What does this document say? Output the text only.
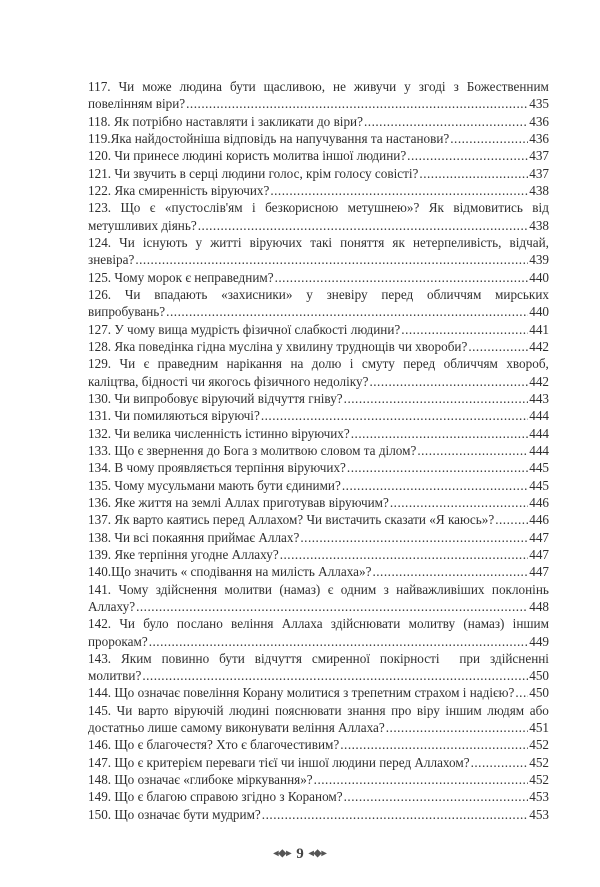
117. Чи може людина бути щасливою, не живучи у згоді з Божественним
повелінням віри? .....	435
118. Як потрібно наставляти і закликати до віри? .....	436
119.Яка найдостойніша відповідь на напучування та настанови? .....	436
120. Чи принесе людині користь молитва іншої людини? .....	437
121. Чи звучить в серці людини голос, крім голосу совісті? .....	437
122. Яка смиренність віруючих? .....	438
123. Що є «пустослів'ям і безкорисною метушнею»? Як відмовитись від
метушливих діянь? .....	438
124. Чи існують у житті віруючих такі поняття як нетерпеливість, відчай,
зневіра? .....	439
125. Чому морок є неправедним? .....	440
126. Чи впадають «захисники» у зневіру перед обличчям мирських
випробувань? .....	440
127. У чому вища мудрість фізичної слабкості людини? .....	441
128. Яка поведінка гідна мусліна у хвилину труднощів чи хвороби? .....	442
129. Чи є праведним нарікання на долю і смуту перед обличчям хвороб,
каліцтва, бідності чи якогось фізичного недоліку? .....	442
130. Чи випробовує віруючий відчуття гніву? .....	443
131. Чи помиляються віруючі? .....	444
132. Чи велика численність істинно віруючих? .....	444
133. Що є звернення до Бога з молитвою словом та ділом? .....	444
134. В чому проявляється терпіння віруючих? .....	445
135. Чому мусульмани мають бути єдиними? .....	445
136. Яке життя на землі Аллах приготував віруючим? .....	446
137. Як варто каятись перед Аллахом? Чи вистачить сказати «Я каюсь»? .....	446
138. Чи всі покаяння приймає Аллах? .....	447
139. Яке терпіння угодне Аллаху? .....	447
140.Що значить « сподівання на милість Аллаха»? .....	447
141. Чому здійснення молитви (намаз) є одним з найважливіших поклонінь
Аллаху? .....	448
142. Чи було послано веління Аллаха здійснювати молитву (намаз) іншим
пророкам? .....	449
143. Яким повинно бути відчуття смиренної покірності при здійсненні
молитви? .....	450
144. Що означає повеління Корану молитися з трепетним страхом і надією? ..... 450
145. Чи варто віруючій людині пояснювати знання про віру іншим людям або
достатньо лише самому виконувати веління Аллаха? .....	451
146. Що є благочестя? Хто є благочестивим? .....	452
147. Що є критерієм переваги тієї чи іншої людини перед Аллахом? .....	452
148. Що означає «глибоке міркування»? .....	452
149. Що є благою справою згідно з Кораном? .....	453
150. Що означає бути мудрим? .....	453
◂◆▸ 9 ◂◆▸
